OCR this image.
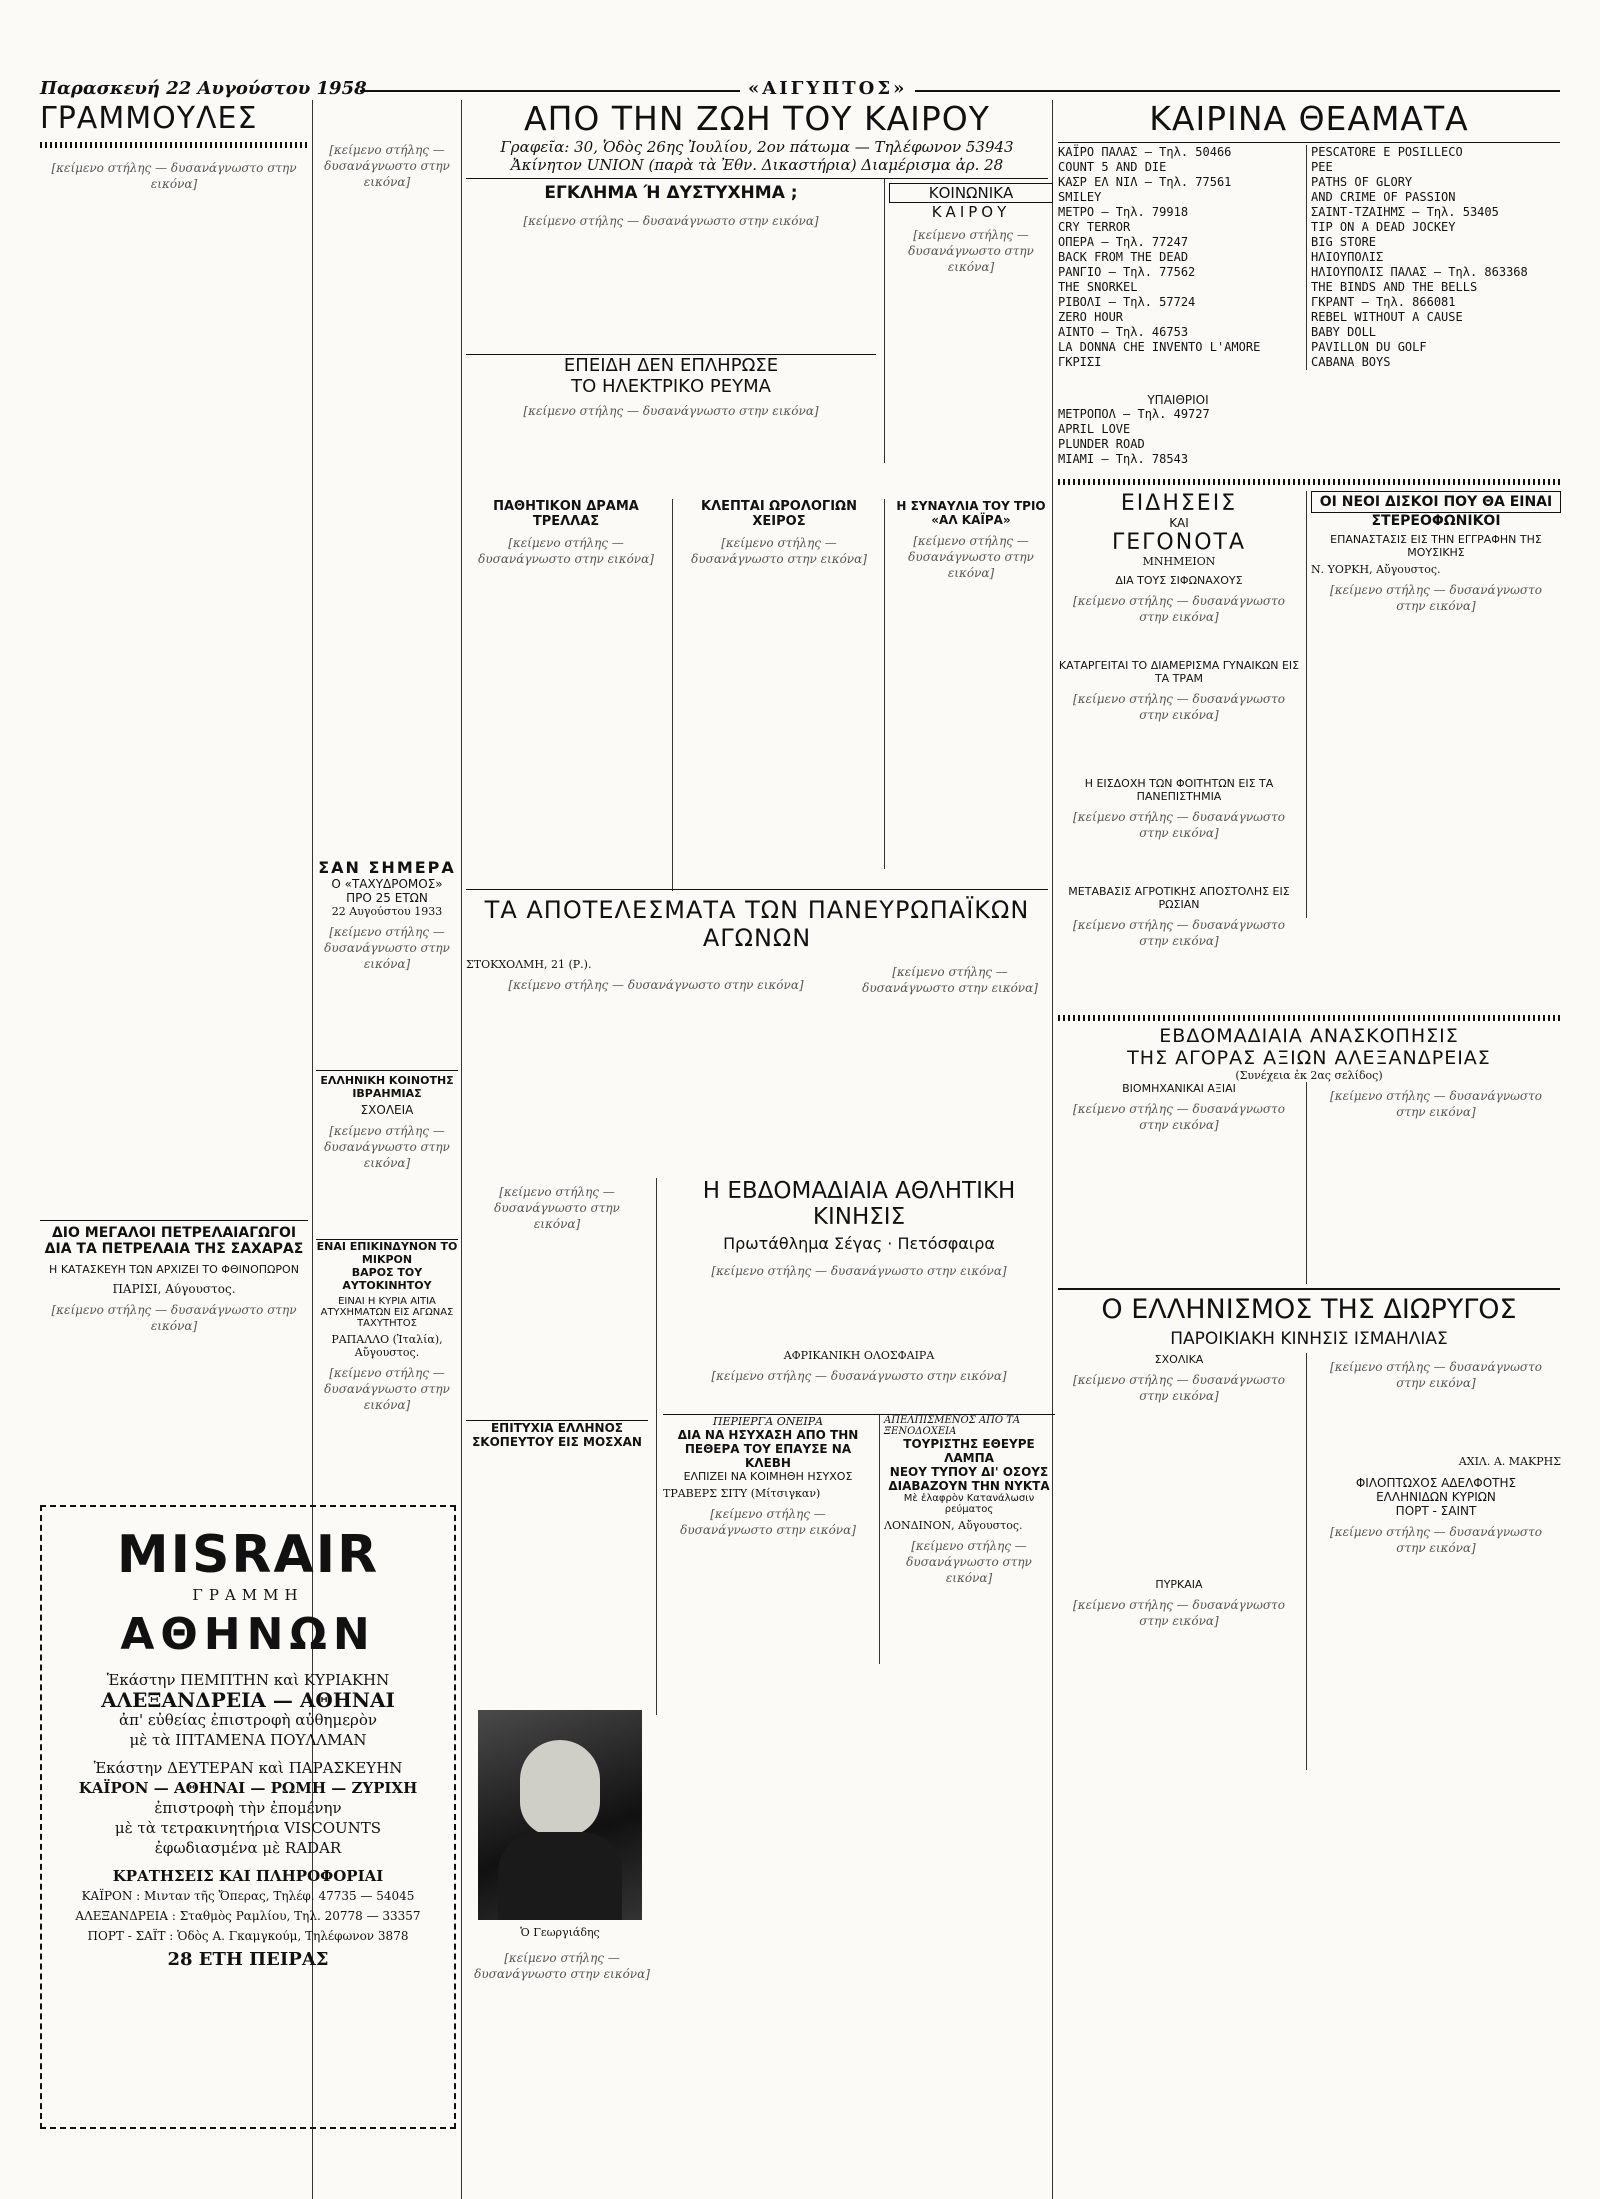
Παρασκευή 22 Αυγούστου 1958	«ΑΙΓΥΠΤΟΣ»
ΓΡΑΜΜΟΥΛΕΣ
[κείμενο στήλης — δυσανάγνωστο στην εικόνα]
ΔΙΟ ΜΕΓΑΛΟΙ ΠΕΤΡΕΛΑΙΑΓΩΓΟΙ
ΔΙΑ ΤΑ ΠΕΤΡΕΛΑΙΑ ΤΗΣ ΣΑΧΑΡΑΣ
Η ΚΑΤΑΣΚΕΥΗ ΤΩΝ ΑΡΧΙΖΕΙ ΤΟ ΦΘΙΝΟΠΩΡΟΝ
ΠΑΡΙΣΙ, Αύγουστος.
[κείμενο στήλης — δυσανάγνωστο στην εικόνα]
[κείμενο στήλης — δυσανάγνωστο στην εικόνα]
ΣΑΝ ΣΗΜΕΡΑ
Ο «ΤΑΧΥΔΡΟΜΟΣ»
ΠΡΟ 25 ΕΤΩΝ
22 Αυγούστου 1933
[κείμενο στήλης — δυσανάγνωστο στην εικόνα]
ΕΛΛΗΝΙΚΗ ΚΟΙΝΟΤΗΣ ΙΒΡΑΗΜΙΑΣ
ΣΧΟΛΕΙΑ
[κείμενο στήλης — δυσανάγνωστο στην εικόνα]
ΕΝΑΙ ΕΠΙΚΙΝΔΥΝΟΝ ΤΟ ΜΙΚΡΟΝ
ΒΑΡΟΣ ΤΟΥ ΑΥΤΟΚΙΝΗΤΟΥ
ΕΙΝΑΙ Η ΚΥΡΙΑ ΑΙΤΙΑ ΑΤΥΧΗΜΑΤΩΝ ΕΙΣ ΑΓΩΝΑΣ ΤΑΧΥΤΗΤΟΣ
ΡΑΠΑΛΛΟ (Ἰταλία), Αὔγουστος.
[κείμενο στήλης — δυσανάγνωστο στην εικόνα]
MISRAIR
ΓΡΑΜΜΗ
ΑΘΗΝΩΝ
Ἑκάστην ΠΕΜΠΤΗΝ καὶ ΚΥΡΙΑΚΗΝ
ΑΛΕΞΑΝΔΡΕΙΑ — ΑΘΗΝΑΙ
ἀπ' εὐθείας ἐπιστροφὴ αὐθημερὸν
μὲ τὰ ΙΠΤΑΜΕΝΑ ΠΟΥΛΛΜΑΝ
Ἑκάστην ΔΕΥΤΕΡΑΝ καὶ ΠΑΡΑΣΚΕΥΗΝ
ΚΑΪΡΟΝ — ΑΘΗΝΑΙ — ΡΩΜΗ — ΖΥΡΙΧΗ
ἐπιστροφὴ τὴν ἐπομένην
μὲ τὰ τετρακινητήρια VISCOUNTS
ἐφωδιασμένα μὲ RADAR
ΚΡΑΤΗΣΕΙΣ ΚΑΙ ΠΛΗΡΟΦΟΡΙΑΙ
ΚΑΪΡΟΝ : Μινταν τῆς Ὄπερας, Τηλέφ. 47735 — 54045
ΑΛΕΞΑΝΔΡΕΙΑ : Σταθμὸς Ραμλίου, Τηλ. 20778 — 33357
ΠΟΡΤ - ΣΑΪΤ : Ὁδὸς Α. Γκαμγκούμ, Τηλέφωνον 3878
28 ΕΤΗ ΠΕΙΡΑΣ
ΑΠΟ ΤΗΝ ΖΩΗ ΤΟΥ ΚΑΙΡΟΥ
Γραφεῖα: 30, Ὁδὸς 26ης Ἰουλίου, 2ον πάτωμα — Τηλέφωνον 53943
Ἀκίνητον UNION (παρὰ τὰ Ἐθν. Δικαστήρια) Διαμέρισμα ἀρ. 28
ΕΓΚΛΗΜΑ Ή ΔΥΣΤΥΧΗΜΑ ;
[κείμενο στήλης — δυσανάγνωστο στην εικόνα]
ΕΠΕΙΔΗ ΔΕΝ ΕΠΛΗΡΩΣΕ
ΤΟ ΗΛΕΚΤΡΙΚΟ ΡΕΥΜΑ
[κείμενο στήλης — δυσανάγνωστο στην εικόνα]
ΚΟΙΝΩΝΙΚΑ
ΚΑΙΡΟΥ
[κείμενο στήλης — δυσανάγνωστο στην εικόνα]
ΠΑΘΗΤΙΚΟΝ ΔΡΑΜΑ ΤΡΕΛΛΑΣ
[κείμενο στήλης — δυσανάγνωστο στην εικόνα]
ΚΛΕΠΤΑΙ ΩΡΟΛΟΓΙΩΝ ΧΕΙΡΟΣ
[κείμενο στήλης — δυσανάγνωστο στην εικόνα]
Η ΣΥΝΑΥΛΙΑ ΤΟΥ ΤΡΙΟ
«ΑΛ ΚΑΪΡΑ»
[κείμενο στήλης — δυσανάγνωστο στην εικόνα]
ΤΑ ΑΠΟΤΕΛΕΣΜΑΤΑ ΤΩΝ ΠΑΝΕΥΡΩΠΑΪΚΩΝ ΑΓΩΝΩΝ
ΣΤΟΚΧΟΛΜΗ, 21 (Ρ.).
[κείμενο στήλης — δυσανάγνωστο στην εικόνα]
[κείμενο στήλης — δυσανάγνωστο στην εικόνα]
[κείμενο στήλης — δυσανάγνωστο στην εικόνα]
ΕΠΙΤΥΧΙΑ ΕΛΛΗΝΟΣ
ΣΚΟΠΕΥΤΟΥ ΕΙΣ ΜΟΣΧΑΝ
Η ΕΒΔΟΜΑΔΙΑΙΑ ΑΘΛΗΤΙΚΗ ΚΙΝΗΣΙΣ
Πρωτάθλημα Σέγας · Πετόσφαιρα
[κείμενο στήλης — δυσανάγνωστο στην εικόνα]
ΑΦΡΙΚΑΝΙΚΗ ΟΛΟΣΦΑΙΡΑ
[κείμενο στήλης — δυσανάγνωστο στην εικόνα]
ΠΕΡΙΕΡΓΑ ΟΝΕΙΡΑ
ΔΙΑ ΝΑ ΗΣΥΧΑΣΗ ΑΠΟ ΤΗΝ
ΠΕΘΕΡΑ ΤΟΥ ΕΠΑΥΣΕ ΝΑ ΚΛΕΒΗ
ΕΛΠΙΖΕΙ ΝΑ ΚΟΙΜΗΘΗ ΗΣΥΧΟΣ
ΤΡΑΒΕΡΣ ΣΙΤΥ (Μίτσιγκαν)
[κείμενο στήλης — δυσανάγνωστο στην εικόνα]
ΑΠΕΛΠΙΣΜΕΝΟΣ ΑΠΟ ΤΑ ΞΕΝΟΔΟΧΕΙΑ
ΤΟΥΡΙΣΤΗΣ ΕΘΕΥΡΕ ΛΑΜΠΑ
ΝΕΟΥ ΤΥΠΟΥ ΔΙ' ΟΣΟΥΣ
ΔΙΑΒΑΖΟΥΝ ΤΗΝ ΝΥΚΤΑ
Μὲ ἐλαφρὸν Κατανάλωσιν ρεύματος
ΛΟΝΔΙΝΟΝ, Αὔγουστος.
[κείμενο στήλης — δυσανάγνωστο στην εικόνα]
Ὁ Γεωργιάδης
[κείμενο στήλης — δυσανάγνωστο στην εικόνα]
ΚΑΙΡΙΝΑ ΘΕΑΜΑΤΑ
ΚΑΪΡΟ ΠΑΛΑΣ — Τηλ. 50466
COUNT 5 AND DIE
ΚΑΣΡ ΕΛ ΝΙΛ — Τηλ. 77561
SMILEY
ΜΕΤΡΟ — Τηλ. 79918
CRY TERROR
ΟΠΕΡΑ — Τηλ. 77247
BACK FROM THE DEAD
ΡΑΝΓΙΟ — Τηλ. 77562
THE SNORKEL
ΡΙΒΟΛΙ — Τηλ. 57724
ZERO HOUR
ΑΙΝΤΟ — Τηλ. 46753
LA DONNA CHE INVENTO L'AMORE
ΓΚΡΙΣΙ
PESCATORE E POSILLECO
PEE
PATHS OF GLORY
AND CRIME OF PASSION
ΣΑΙΝΤ-ΤΖΑΙΗΜΣ — Τηλ. 53405
TIP ON A DEAD JOCKEY
BIG STORE
ΗΛΙΟΥΠΟΛΙΣ
ΗΛΙΟΥΠΟΛΙΣ ΠΑΛΑΣ — Τηλ. 863368
THE BINDS AND THE BELLS
ΓΚΡΑΝΤ — Τηλ. 866081
REBEL WITHOUT A CAUSE
BABY DOLL
PAVILLON DU GOLF
CABANA BOYS
ΥΠΑΙΘΡΙΟΙ
ΜΕΤΡΟΠΟΛ — Τηλ. 49727
APRIL LOVE
PLUNDER ROAD
ΜΙΑΜΙ — Τηλ. 78543
ΕΙΔΗΣΕΙΣ
ΚΑΙ
ΓΕΓΟΝΟΤΑ
ΜΝΗΜΕΙΟΝ
ΔΙΑ ΤΟΥΣ ΣΙΦΩΝΑΧΟΥΣ
[κείμενο στήλης — δυσανάγνωστο στην εικόνα]
ΚΑΤΑΡΓΕΙΤΑΙ ΤΟ ΔΙΑΜΕΡΙΣΜΑ ΓΥΝΑΙΚΩΝ ΕΙΣ ΤΑ ΤΡΑΜ
[κείμενο στήλης — δυσανάγνωστο στην εικόνα]
Η ΕΙΣΔΟΧΗ ΤΩΝ ΦΟΙΤΗΤΩΝ ΕΙΣ ΤΑ ΠΑΝΕΠΙΣΤΗΜΙΑ
[κείμενο στήλης — δυσανάγνωστο στην εικόνα]
ΜΕΤΑΒΑΣΙΣ ΑΓΡΟΤΙΚΗΣ ΑΠΟΣΤΟΛΗΣ ΕΙΣ ΡΩΣΙΑΝ
[κείμενο στήλης — δυσανάγνωστο στην εικόνα]
ΟΙ ΝΕΟΙ ΔΙΣΚΟΙ ΠΟΥ ΘΑ ΕΙΝΑΙ
ΣΤΕΡΕΟΦΩΝΙΚΟΙ
ΕΠΑΝΑΣΤΑΣΙΣ ΕΙΣ ΤΗΝ ΕΓΓΡΑΦΗΝ ΤΗΣ ΜΟΥΣΙΚΗΣ
Ν. ΥΟΡΚΗ, Αὔγουστος.
[κείμενο στήλης — δυσανάγνωστο στην εικόνα]
ΕΒΔΟΜΑΔΙΑΙΑ ΑΝΑΣΚΟΠΗΣΙΣ
ΤΗΣ ΑΓΟΡΑΣ ΑΞΙΩΝ ΑΛΕΞΑΝΔΡΕΙΑΣ
(Συνέχεια ἐκ 2ας σελίδος)
ΒΙΟΜΗΧΑΝΙΚΑΙ ΑΞΙΑΙ
[κείμενο στήλης — δυσανάγνωστο στην εικόνα]
[κείμενο στήλης — δυσανάγνωστο στην εικόνα]
Ο ΕΛΛΗΝΙΣΜΟΣ ΤΗΣ ΔΙΩΡΥΓΟΣ
ΠΑΡΟΙΚΙΑΚΗ ΚΙΝΗΣΙΣ ΙΣΜΑΗΛΙΑΣ
ΣΧΟΛΙΚΑ
[κείμενο στήλης — δυσανάγνωστο στην εικόνα]
ΠΥΡΚΑΙΑ
[κείμενο στήλης — δυσανάγνωστο στην εικόνα]
[κείμενο στήλης — δυσανάγνωστο στην εικόνα]
ΑΧΙΛ. Α. ΜΑΚΡΗΣ
ΦΙΛΟΠΤΩΧΟΣ ΑΔΕΛΦΟΤΗΣ
ΕΛΛΗΝΙΔΩΝ ΚΥΡΙΩΝ
ΠΟΡΤ - ΣΑΙΝΤ
[κείμενο στήλης — δυσανάγνωστο στην εικόνα]
